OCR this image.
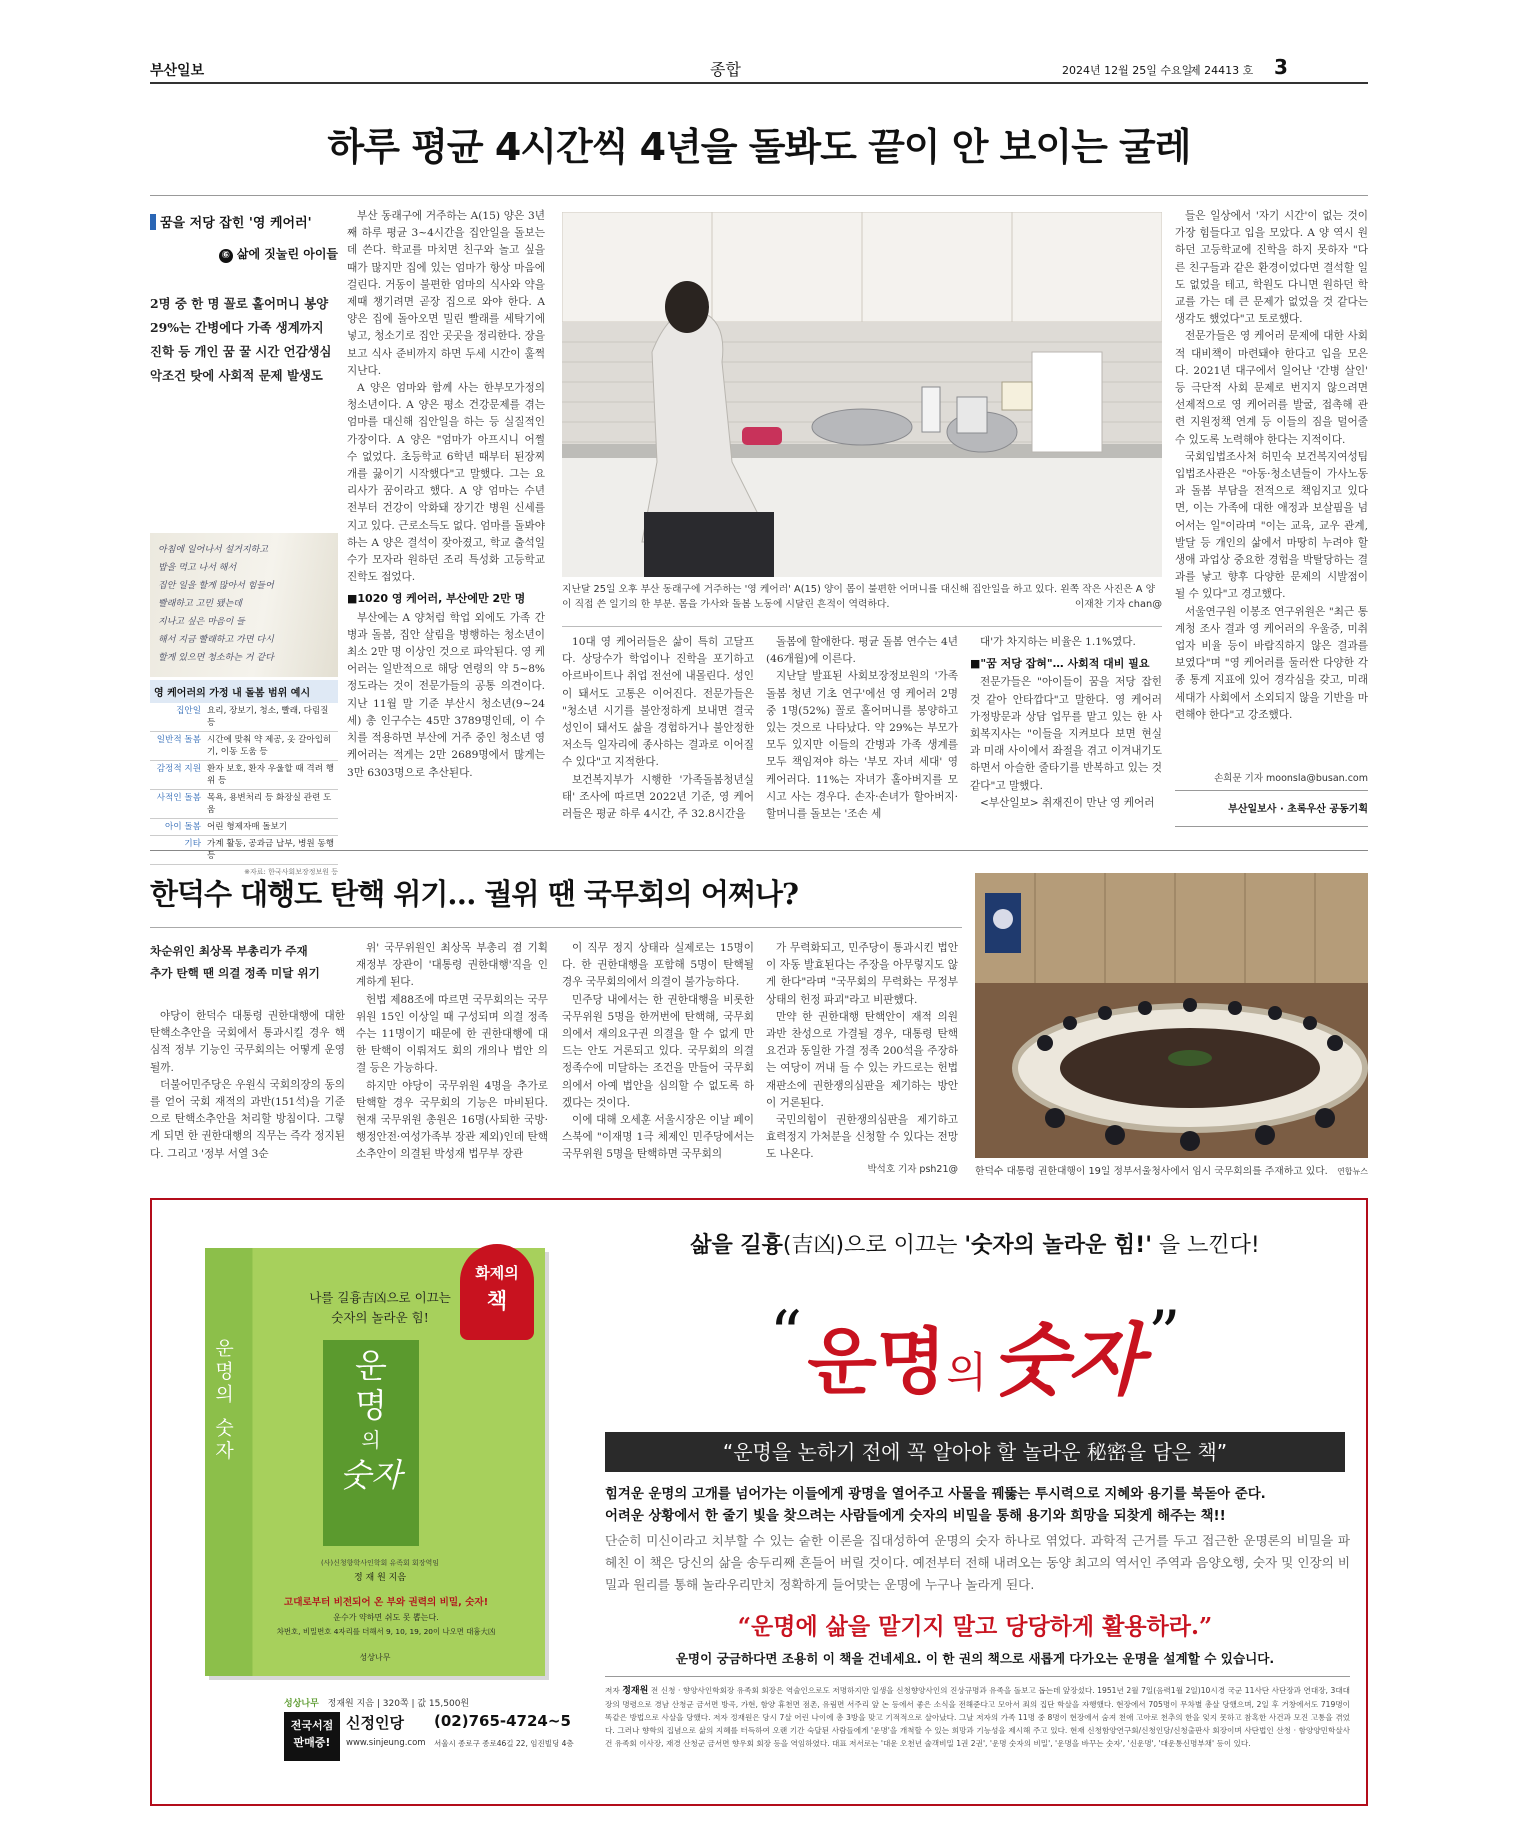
부산일보	종합	2024년 12월 25일 수요일
제 24413 호 3
하루 평균 4시간씩 4년을 돌봐도 끝이 안 보이는 굴레
꿈을 저당 잡힌 '영 케어러'
⑥ 삶에 짓눌린 아이들
2명 중 한 명 꼴로 홀어머니 봉양
29%는 간병에다 가족 생계까지
진학 등 개인 꿈 꿀 시간 언감생심
악조건 탓에 사회적 문제 발생도
아침에 일어나서 설거지하고
밥을 먹고 나서 해서
집안 일을 할게 많아서 힘들어
빨래하고 고민 됐는데
지나고 싶은 마음이 들
해서 지금 빨래하고 가면 다시
할게 있으면 청소하는 거 같다
영 케어러의 가정 내 돌봄 범위 예시
집안일	요리, 장보기, 청소, 빨래, 다림질 등
일반적 돌봄	시간에 맞춰 약 제공, 옷 갈아입히기, 이동 도움 등
감정적 지원	환자 보호, 환자 우울할 때 격려 행위 등
사적인 돌봄	목욕, 용변처리 등 화장실 관련 도움
아이 돌봄	어린 형제자매 돌보기
기타	가계 활동, 공과금 납부, 병원 동행 등
※자료: 한국사회보장정보원 등

부산 동래구에 거주하는 A(15) 양은 3년째 하루 평균 3~4시간을 집안일을 돌보는 데 쓴다. 학교를 마치면 친구와 놀고 싶을 때가 많지만 집에 있는 엄마가 항상 마음에 걸린다. 거동이 불편한 엄마의 식사와 약을 제때 챙기려면 곧장 집으로 와야 한다. A 양은 집에 돌아오면 밀린 빨래를 세탁기에 넣고, 청소기로 집안 곳곳을 정리한다. 장을 보고 식사 준비까지 하면 두세 시간이 훌쩍 지난다.

A 양은 엄마와 함께 사는 한부모가정의 청소년이다. A 양은 평소 건강문제를 겪는 엄마를 대신해 집안일을 하는 등 실질적인 가장이다. A 양은 "엄마가 아프시니 어쩔 수 없었다. 초등학교 6학년 때부터 된장찌개를 끓이기 시작했다"고 말했다. 그는 요리사가 꿈이라고 했다. A 양 엄마는 수년 전부터 건강이 악화돼 장기간 병원 신세를 지고 있다. 근로소득도 없다. 엄마를 돌봐야 하는 A 양은 결석이 잦아졌고, 학교 출석일수가 모자라 원하던 조리 특성화 고등학교 진학도 접었다.

■1020 영 케어러, 부산에만 2만 명

부산에는 A 양처럼 학업 외에도 가족 간병과 돌봄, 집안 살림을 병행하는 청소년이 최소 2만 명 이상인 것으로 파악된다. 영 케어러는 일반적으로 해당 연령의 약 5~8% 정도라는 것이 전문가들의 공통 의견이다. 지난 11월 말 기준 부산시 청소년(9~24세) 총 인구수는 45만 3789명인데, 이 수치를 적용하면 부산에 거주 중인 청소년 영 케어러는 적게는 2만 2689명에서 많게는 3만 6303명으로 추산된다.

지난달 25일 오후 부산 동래구에 거주하는 '영 케어러' A(15) 양이 몸이 불편한 어머니를 대신해 집안일을 하고 있다. 왼쪽 작은 사진은 A 양이 직접 쓴 일기의 한 부분. 몸을 가사와 돌봄 노동에 시달린 흔적이 역력하다.	이재찬 기자 chan@

10대 영 케어러들은 삶이 특히 고달프다. 상당수가 학업이나 진학을 포기하고 아르바이트나 취업 전선에 내몰린다. 성인이 돼서도 고통은 이어진다. 전문가들은 "청소년 시기를 불안정하게 보내면 결국 성인이 돼서도 삶을 경험하거나 불안정한 저소득 일자리에 종사하는 결과로 이어질 수 있다"고 지적한다.

보건복지부가 시행한 '가족돌봄청년실태' 조사에 따르면 2022년 기준, 영 케어러들은 평균 하루 4시간, 주 32.8시간을

돌봄에 할애한다. 평균 돌봄 연수는 4년(46개월)에 이른다.

지난달 발표된 사회보장정보원의 '가족 돌봄 청년 기초 연구'에선 영 케어러 2명 중 1명(52%) 꼴로 홀어머니를 봉양하고 있는 것으로 나타났다. 약 29%는 부모가 모두 있지만 이들의 간병과 가족 생계를 모두 책임져야 하는 '부모 자녀 세대' 영 케어러다. 11%는 자녀가 홀아버지를 모시고 사는 경우다. 손자·손녀가 할아버지·할머니를 돌보는 '조손 세

대'가 차지하는 비율은 1.1%였다.

■"꿈 저당 잡혀"… 사회적 대비 필요

전문가들은 "아이들이 꿈을 저당 잡힌 것 같아 안타깝다"고 말한다. 영 케어러 가정방문과 상담 업무를 맡고 있는 한 사회복지사는 "이들을 지켜보다 보면 현실과 미래 사이에서 좌절을 겪고 이겨내기도 하면서 아슬한 줄타기를 반복하고 있는 것 같다"고 말했다.

<부산일보> 취재진이 만난 영 케어러

들은 일상에서 '자기 시간'이 없는 것이 가장 힘들다고 입을 모았다. A 양 역시 원하던 고등학교에 진학을 하지 못하자 "다른 친구들과 같은 환경이었다면 결석할 일도 없었을 테고, 학원도 다니면 원하던 학교를 가는 데 큰 문제가 없었을 것 같다는 생각도 했었다"고 토로했다.

전문가들은 영 케어러 문제에 대한 사회적 대비책이 마련돼야 한다고 입을 모은다. 2021년 대구에서 일어난 '간병 살인' 등 극단적 사회 문제로 번지지 않으려면 선제적으로 영 케어러를 발굴, 접촉해 관련 지원정책 연계 등 이들의 짐을 덜어줄 수 있도록 노력해야 한다는 지적이다.

국회입법조사처 허민숙 보건복지여성팀 입법조사관은 "아동·청소년들이 가사노동과 돌봄 부담을 전적으로 책임지고 있다면, 이는 가족에 대한 애정과 보살핌을 넘어서는 일"이라며 "이는 교육, 교우 관계, 발달 등 개인의 삶에서 마땅히 누려야 할 생애 과업상 중요한 경험을 박탈당하는 결과를 낳고 향후 다양한 문제의 시발점이 될 수 있다"고 경고했다.

서울연구원 이봉조 연구위원은 "최근 통계청 조사 결과 영 케어러의 우울증, 미취업자 비율 등이 바람직하지 않은 결과를 보였다"며 "영 케어러를 둘러싼 다양한 각종 통계 지표에 있어 경각심을 갖고, 미래 세대가 사회에서 소외되지 않을 기반을 마련해야 한다"고 강조했다.

손희문 기자 moonsla@busan.com
부산일보사 · 초록우산 공동기획
한덕수 대행도 탄핵 위기… 궐위 땐 국무회의 어쩌나?
차순위인 최상목 부총리가 주재
추가 탄핵 땐 의결 정족 미달 위기

야당이 한덕수 대통령 권한대행에 대한 탄핵소추안을 국회에서 통과시킬 경우 핵심적 정부 기능인 국무회의는 어떻게 운영될까.

더불어민주당은 우원식 국회의장의 동의를 얻어 국회 재적의 과반(151석)을 기준으로 탄핵소추안을 처리할 방침이다. 그렇게 되면 한 권한대행의 직무는 즉각 정지된다. 그리고 '정부 서열 3순

위' 국무위원인 최상목 부총리 겸 기획재정부 장관이 '대통령 권한대행'직을 인계하게 된다.

헌법 제88조에 따르면 국무회의는 국무위원 15인 이상일 때 구성되며 의결 정족수는 11명이기 때문에 한 권한대행에 대한 탄핵이 이뤄져도 회의 개의나 법안 의결 등은 가능하다.

하지만 야당이 국무위원 4명을 추가로 탄핵할 경우 국무회의 기능은 마비된다. 현재 국무위원 총원은 16명(사퇴한 국방·행정안전·여성가족부 장관 제외)인데 탄핵소추안이 의결된 박성재 법무부 장관

이 직무 정지 상태라 실제로는 15명이다. 한 권한대행을 포함해 5명이 탄핵될 경우 국무회의에서 의결이 불가능하다.

민주당 내에서는 한 권한대행을 비롯한 국무위원 5명을 한꺼번에 탄핵해, 국무회의에서 재의요구권 의결을 할 수 없게 만드는 안도 거론되고 있다. 국무회의 의결 정족수에 미달하는 조건을 만들어 국무회의에서 아예 법안을 심의할 수 없도록 하겠다는 것이다.

이에 대해 오세훈 서울시장은 이날 페이스북에 "이재명 1극 체제인 민주당에서는 국무위원 5명을 탄핵하면 국무회의

가 무력화되고, 민주당이 통과시킨 법안이 자동 발효된다는 주장을 아무렇지도 않게 한다"라며 "국무회의 무력화는 무정부 상태의 헌정 파괴"라고 비판했다.

만약 한 권한대행 탄핵안이 재적 의원 과반 찬성으로 가결될 경우, 대통령 탄핵 요건과 동일한 가결 정족 200석을 주장하는 여당이 꺼내 들 수 있는 카드로는 헌법재판소에 권한쟁의심판을 제기하는 방안이 거론된다.

국민의힘이 권한쟁의심판을 제기하고 효력정지 가처분을 신청할 수 있다는 전망도 나온다.

박석호 기자 psh21@ 한덕수 대통령 권한대행이 19일 정부서울청사에서 임시 국무회의를 주재하고 있다. 연합뉴스
운명의 숫자
나를 길흉吉凶으로 이끄는
숫자의 놀라운 힘!
운
명
의
숫자
(사)신청향학사인학회 유족회 회장역임
정 재 원 지음
고대로부터 비전되어 온 부와 권력의 비밀, 숫자!
운수가 약하면 쉬도 못 뽑는다.
차번호, 비밀번호 4자리를 더해서 9, 10, 19, 20이 나오면 대흉大凶
성상나무
화제의
책
성상나무 정재원 지음 | 320쪽 | 값 15,500원
전국서점
판매중!
신정인당 (02)765-4724~5
www.sinjeung.com 서울시 종로구 종로46길 22, 임진빌딩 4층
삶을 길흉(吉凶)으로 이끄는 '숫자의 놀라운 힘!' 을 느낀다!
“ 운명의 숫자 ”
“운명을 논하기 전에 꼭 알아야 할 놀라운 秘密을 담은 책”
힘겨운 운명의 고개를 넘어가는 이들에게 광명을 열어주고 사물을 꿰뚫는 투시력으로 지혜와 용기를 북돋아 준다.
어려운 상황에서 한 줄기 빛을 찾으려는 사람들에게 숫자의 비밀을 통해 용기와 희망을 되찾게 해주는 책!!
단순히 미신이라고 치부할 수 있는 숱한 이론을 집대성하여 운명의 숫자 하나로 엮었다. 과학적 근거를 두고 접근한 운명론의 비밀을 파헤친 이 책은 당신의 삶을 송두리째 흔들어 버릴 것이다. 예전부터 전해 내려오는 동양 최고의 역서인 주역과 음양오행, 숫자 및 인장의 비밀과 원리를 통해 놀라우리만치 정확하게 들어맞는 운명에 누구나 놀라게 된다.
“운명에 삶을 맡기지 말고 당당하게 활용하라.”
운명이 궁금하다면 조용히 이 책을 건네세요. 이 한 권의 책으로 새롭게 다가오는 운명을 설계할 수 있습니다.
저자 정재원 전 신청 · 향양사인학회장 유족회 회장은 역술인으로도 저명하지만 일생을 신청향양사인의 진상규명과 유족을 돌보고 돕는데 앞장섰다. 1951년 2월 7일(음력1월 2일)10시경 국군 11사단 사단장과 연대장, 3대대장의 명령으로 경남 산청군 금서면 방곡, 가현, 함양 휴천면 점촌, 유림면 서주리 앞 논 등에서 좋은 소식을 전해준다고 모아서 죄의 집단 학살을 자행했다. 현장에서 705명이 무차별 총살 당했으며, 2일 후 거창에서도 719명이 똑같은 방법으로 사살을 당했다. 저자 정재원은 당시 7살 어린 나이에 총 3방을 맞고 기적적으로 살아났다. 그날 저자의 가족 11명 중 8명이 현장에서 숨져 천애 고아로 천추의 한을 잊지 못하고 참혹한 사건과 모진 고통을 겪었다. 그러나 향학의 집념으로 삶의 지혜를 터득하여 오랜 기간 숙달된 사람들에게 '운명'을 개척할 수 있는 희망과 기능성을 제시해 주고 있다. 현재 신청함양연구회/신청인당/신청출판사 회장이며 사단법인 산청 · 함양양민학살사건 유족회 이사장, 재경 산청군 금서면 향우회 회장 등을 역임하였다. 대표 저서로는 '대운 오천년 술객비밀 1권 2권', '운명 숫자의 비밀', '운명을 바꾸는 숫자', '신운명', '대운통신명부채' 등이 있다.
